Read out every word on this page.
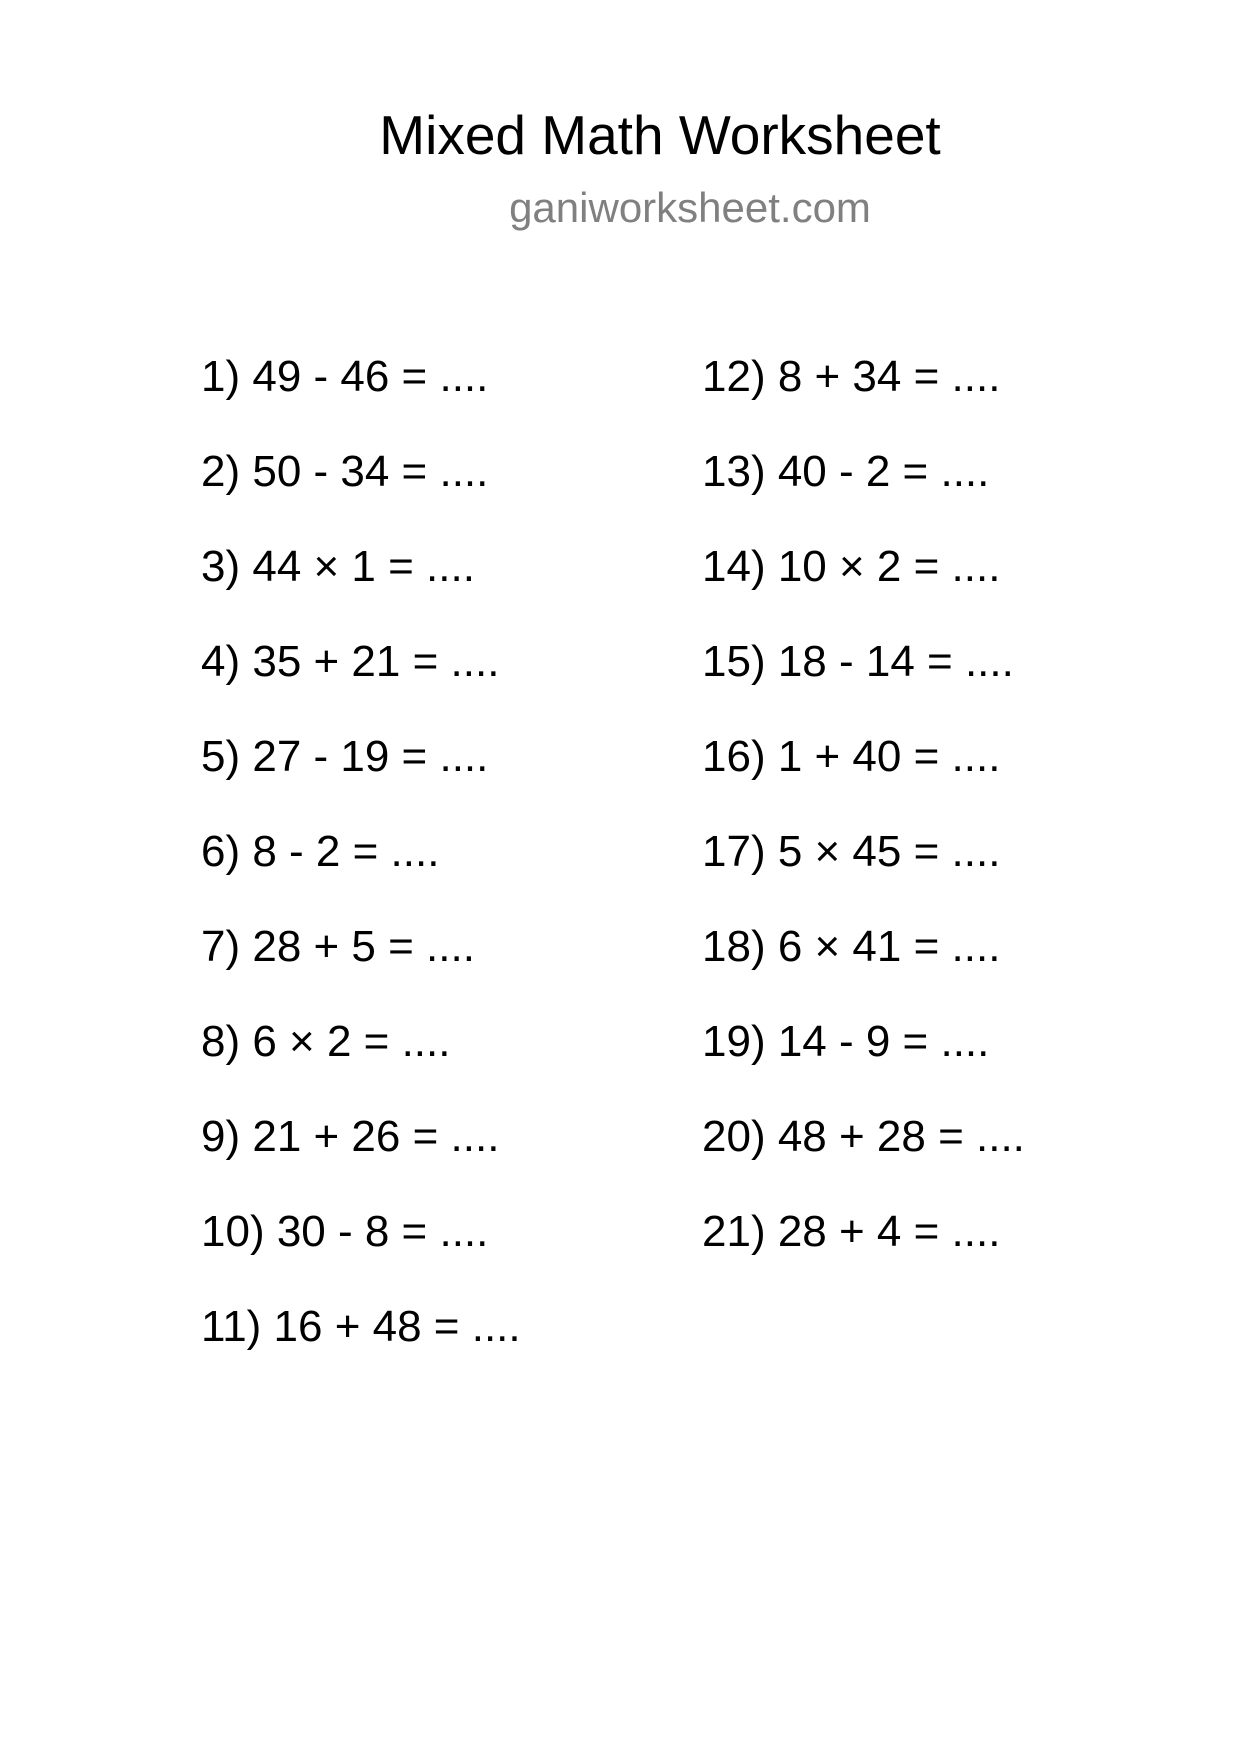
Mixed Math Worksheet
ganiworksheet.com
1) 49 - 46 = ....
2) 50 - 34 = ....
3) 44 × 1 = ....
4) 35 + 21 = ....
5) 27 - 19 = ....
6) 8 - 2 = ....
7) 28 + 5 = ....
8) 6 × 2 = ....
9) 21 + 26 = ....
10) 30 - 8 = ....
11) 16 + 48 = ....
12) 8 + 34 = ....
13) 40 - 2 = ....
14) 10 × 2 = ....
15) 18 - 14 = ....
16) 1 + 40 = ....
17) 5 × 45 = ....
18) 6 × 41 = ....
19) 14 - 9 = ....
20) 48 + 28 = ....
21) 28 + 4 = ....
